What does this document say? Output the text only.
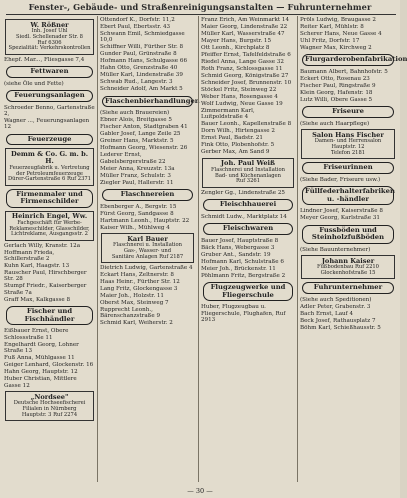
Fenster-, Gebäude- und Straßenreinigungsanstalten — Fuhrunternehmer
W. Rößner
Inh. Josef Uhl
Siedl. Schellenader Str. 8
Ruf 6306
Spezialität: Verkehrskontrollen
Ehepf. Mar..., Fliesgasse 7,4
Fettwaren
(siehe Öle und Fette)
Feuerungsanlagen
Schroeder Benno, Gartenstraße 2,
Wagner ..., Feuerungsanlagen 12
Feuerzeuge
Demm & Co. G. m. b. H.
Feuerzeugfabrik u. Vertretung
der Petroleumfeuerzeuge
Dürer-Gartenstraße 6 Ruf 2371
Firmenmaler und Firmenschilder
Heinrich Engel, Ww.
Fachgeschäft für Werbe-
Reklameschilder, Glasschilder,
Lichtreklame, Ausgangsstr. 2
Gerlach Willy, Kranstr. 12a
Hoffmann Frieda, Schillerstraße 2
Kuhn Karl, Haagstr. 13
Rauscher Paul, Hirschberger Str. 28
Stumpf Friedr., Kaiserberger Straße 7a
Graff Max, Kalkgasse 8
Fischer und Fischhändler
Eißbauer Ernst, Obere Schlossstraße 11
Engelhardt Georg, Lohner Straße 13
Fuß Anna, Mühlgasse 11
Geiger Lenhard, Glockenstr. 16
Hahn Georg, Hauptstr. 12
Huber Christian, Mittlere Gasse 12
„Nordsee"
Deutsche Hochseefischerei
Filialen in Nürnberg
Hauptstr. 3 Ruf 2274
Ottendorf K., Dorfstr. 11,2
Ebert Paul, Ebertsstr. 43
Schwann Emil, Schmiedgasse 10,0
Schiffner Willi, Fürther Str. 8
Gunder Paul, Grünstraße 8
Hofmann Hans, Schulgasse 66
Hahn Otto, Grenzstraße 40
Müller Karl, Lindenstraße 39
Schwab Rud., Langestr. 3
Schneider Adolf, Am Markt 5
Flaschenbierhandlungen
(Siehe auch Brauereien)
Ebner Alois, Breitgasse 5
Fischer Anton, Stadtgraben 41
Gabler Josef, Lange Zeile 25
Greiner Hans, Marktstr. 5
Hofmann Georg, Wiesenstr. 26
Lederer Ernst, Gabelsbergerstraße 22
Meier Anna, Kreuzstr. 13a
Müller Franz, Schulstr. 3
Ziegler Paul, Hallerstr. 11
Flaschnereien
Ebenberger A., Bergstr. 15
Fürst Georg, Sandgasse 8
Hartmann Leonh., Hauptstr. 22
Kaiser Wilh., Mühlweg 4
Karl Bauer
Flaschnerei u. Installation
Gas-, Wasser- und
Sanitäre Anlagen Ruf 2187
Dietrich Ludwig, Gartenstraße 4
Eckart Hans, Zeltnerstr. 8
Haas Heinr., Fürther Str. 12
Lang Fritz, Glockengasse 3
Maier Joh., Holzstr. 11
Oberst Max, Steinweg 7
Rupprecht Leonh., Bärenschanzstraße 9
Schmid Karl, Weiherstr. 2
Franz Erich, Am Weinmarkt 14
Maier Georg, Lindenstraße 22
Müller Karl, Wasserstraße 47
Mayer Hans, Burgstr. 15
Ott Leonh., Kirchplatz 8
Pfeiffer Ernst, Tafelfeldstraße 6
Riedel Anna, Lange Gasse 32
Roth Franz, Schlossgasse 11
Schmid Georg, Königstraße 27
Schneider Josef, Brunnenstr. 10
Stöckel Fritz, Steinweg 22
Weber Hans, Rosengasse 4
Wolf Ludwig, Neue Gasse 19
Zimmermann Karl, Luitpoldstraße 4
Bauer Leonh., Kapellenstraße 8
Dorn Wilh., Hirtengasse 2
Ernst Paul, Badstr. 21
Fink Otto, Plobenhofstr. 5
Gerber Max, Am Sand 9
Joh. Paul Weiß
Flaschnerei und Installation
Bad- und Küchenanlagen
Ruf 3261
Zengler Gg., Lindenstraße 25
Fleischhauerei
Schmidt Ludw., Marktplatz 14
Fleischwaren
Bauer Josef, Hauptstraße 8
Bäck Hans, Webergasse 3
Gruber Ant., Sandstr. 19
Hofmann Karl, Schulstraße 6
Meier Joh., Brückenstr. 11
Pöhlmann Fritz, Bergstraße 2
Flugzeugwerke und Fliegerschule
Huber, Flugzeugbau u. Fliegerschule, Flughafen, Ruf 2913
Pröls Ludwig, Braugasse 2
Reiter Karl, Mühlstr. 8
Scherer Hans, Neue Gasse 4
Uhl Fritz, Dorfstr. 17
Wagner Max, Kirchweg 2
Flurgarderobenfabrikation
Baumann Albert, Bahnhofstr. 5
Eckert Otto, Rosenau 23
Fischer Paul, Ringstraße 9
Klein Georg, Hafenstr. 18
Lutz Willi, Obere Gasse 5
Friseure
(Siehe auch Haarpflege)
Salon Hans Fischer
Damen- und Herrensalon
Hauptstr. 12
Telefon 2181
Friseurinnen
(Siehe Bader, Friseure usw.)
Füllfederhalterfabriken u. -händler
Lindner Josef, Kaiserstraße 8
Meyer Georg, Karlstraße 31
Fussböden und Steinholzfußböden
(Siehe Bauunternehmer)
Johann Kaiser
Fußbodenbau Ruf 2210
Glockenhofstraße 15
Fuhrunternehmer
(Siehe auch Speditionen)
Adler Peter, Grabenstr. 3
Bach Ernst, Lauf 4
Beck Josef, Rathausplatz 7
Böhm Karl, Schießhausstr. 5
— 30 —
